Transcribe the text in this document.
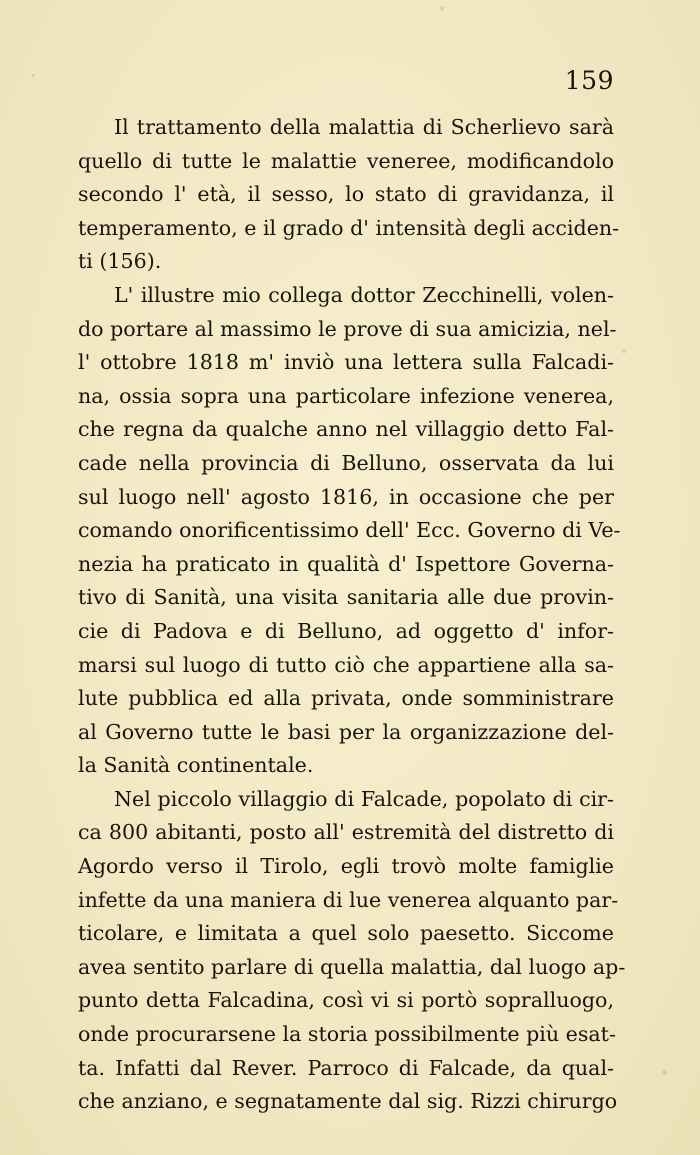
159
Il trattamento della malattia di Scherlievo sarà
quello di tutte le malattie veneree, modificandolo
secondo l' età, il sesso, lo stato di gravidanza, il
temperamento, e il grado d' intensità degli acciden-
ti (156).
L' illustre mio collega dottor Zecchinelli, volen-
do portare al massimo le prove di sua amicizia, nel-
l' ottobre 1818 m' inviò una lettera sulla Falcadi-
na, ossia sopra una particolare infezione venerea,
che regna da qualche anno nel villaggio detto Fal-
cade nella provincia di Belluno, osservata da lui
sul luogo nell' agosto 1816, in occasione che per
comando onorificentissimo dell' Ecc. Governo di Ve-
nezia ha praticato in qualità d' Ispettore Governa-
tivo di Sanità, una visita sanitaria alle due provin-
cie di Padova e di Belluno, ad oggetto d' infor-
marsi sul luogo di tutto ciò che appartiene alla sa-
lute pubblica ed alla privata, onde somministrare
al Governo tutte le basi per la organizzazione del-
la Sanità continentale.
Nel piccolo villaggio di Falcade, popolato di cir-
ca 800 abitanti, posto all' estremità del distretto di
Agordo verso il Tirolo, egli trovò molte famiglie
infette da una maniera di lue venerea alquanto par-
ticolare, e limitata a quel solo paesetto. Siccome
avea sentito parlare di quella malattia, dal luogo ap-
punto detta Falcadina, così vi si portò sopralluogo,
onde procurarsene la storia possibilmente più esat-
ta. Infatti dal Rever. Parroco di Falcade, da qual-
che anziano, e segnatamente dal sig. Rizzi chirurgo
